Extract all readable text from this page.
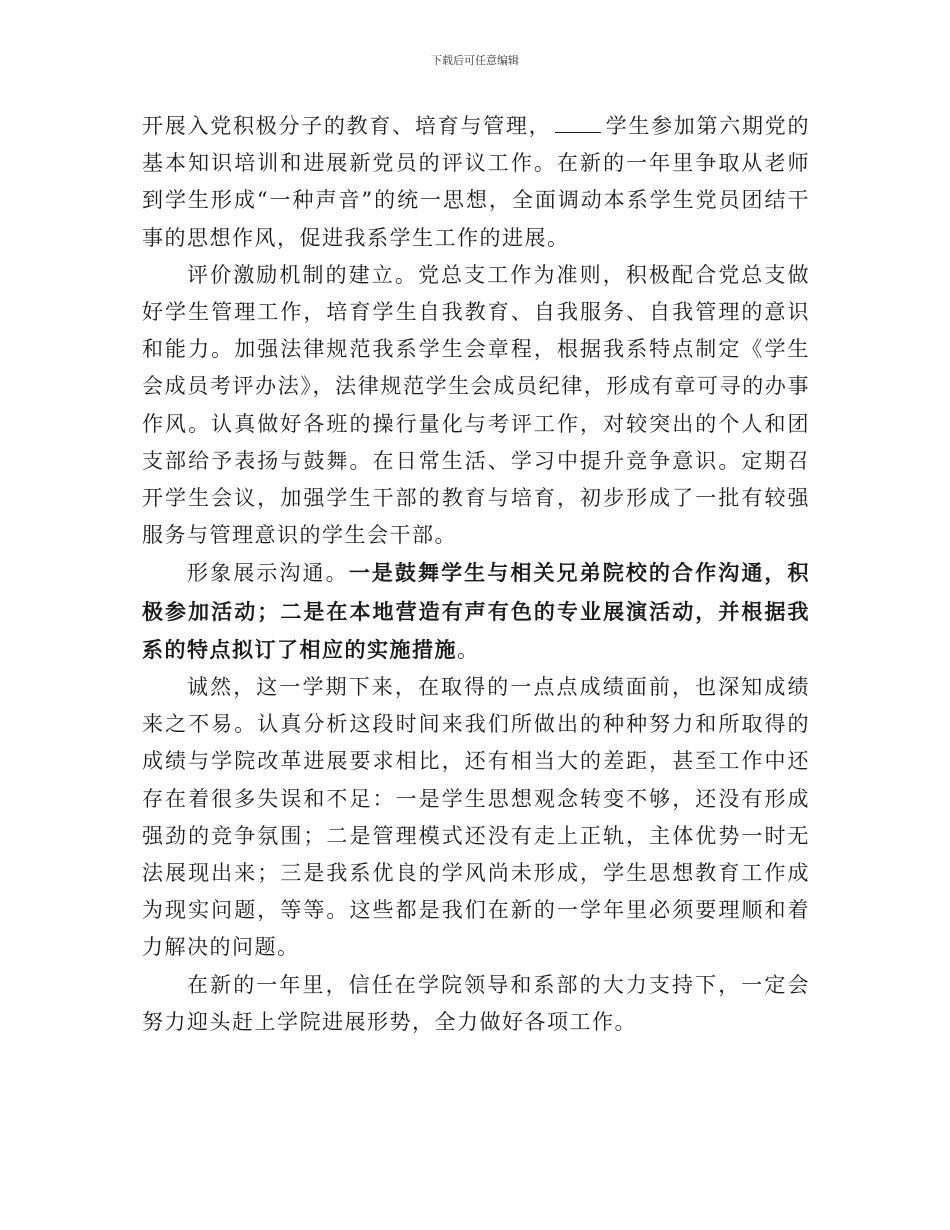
下载后可任意编辑

开展入党积极分子的教育、培育与管理，	学生参加第六期党的基本知识培训和进展新党员的评议工作。在新的一年里争取从老师到学生形成“一种声音”的统一思想，全面调动本系学生党员团结干事的思想作风，促进我系学生工作的进展。

评价激励机制的建立。党总支工作为准则，积极配合党总支做好学生管理工作，培育学生自我教育、自我服务、自我管理的意识和能力。加强法律规范我系学生会章程，根据我系特点制定《学生会成员考评办法》，法律规范学生会成员纪律，形成有章可寻的办事作风。认真做好各班的操行量化与考评工作，对较突出的个人和团支部给予表扬与鼓舞。在日常生活、学习中提升竞争意识。定期召开学生会议，加强学生干部的教育与培育，初步形成了一批有较强服务与管理意识的学生会干部。

形象展示沟通。一是鼓舞学生与相关兄弟院校的合作沟通，积极参加活动；二是在本地营造有声有色的专业展演活动，并根据我系的特点拟订了相应的实施措施。

诚然，这一学期下来，在取得的一点点成绩面前，也深知成绩来之不易。认真分析这段时间来我们所做出的种种努力和所取得的成绩与学院改革进展要求相比，还有相当大的差距，甚至工作中还存在着很多失误和不足：一是学生思想观念转变不够，还没有形成强劲的竞争氛围；二是管理模式还没有走上正轨，主体优势一时无法展现出来；三是我系优良的学风尚未形成，学生思想教育工作成为现实问题，等等。这些都是我们在新的一学年里必须要理顺和着力解决的问题。

在新的一年里，信任在学院领导和系部的大力支持下，一定会努力迎头赶上学院进展形势，全力做好各项工作。
